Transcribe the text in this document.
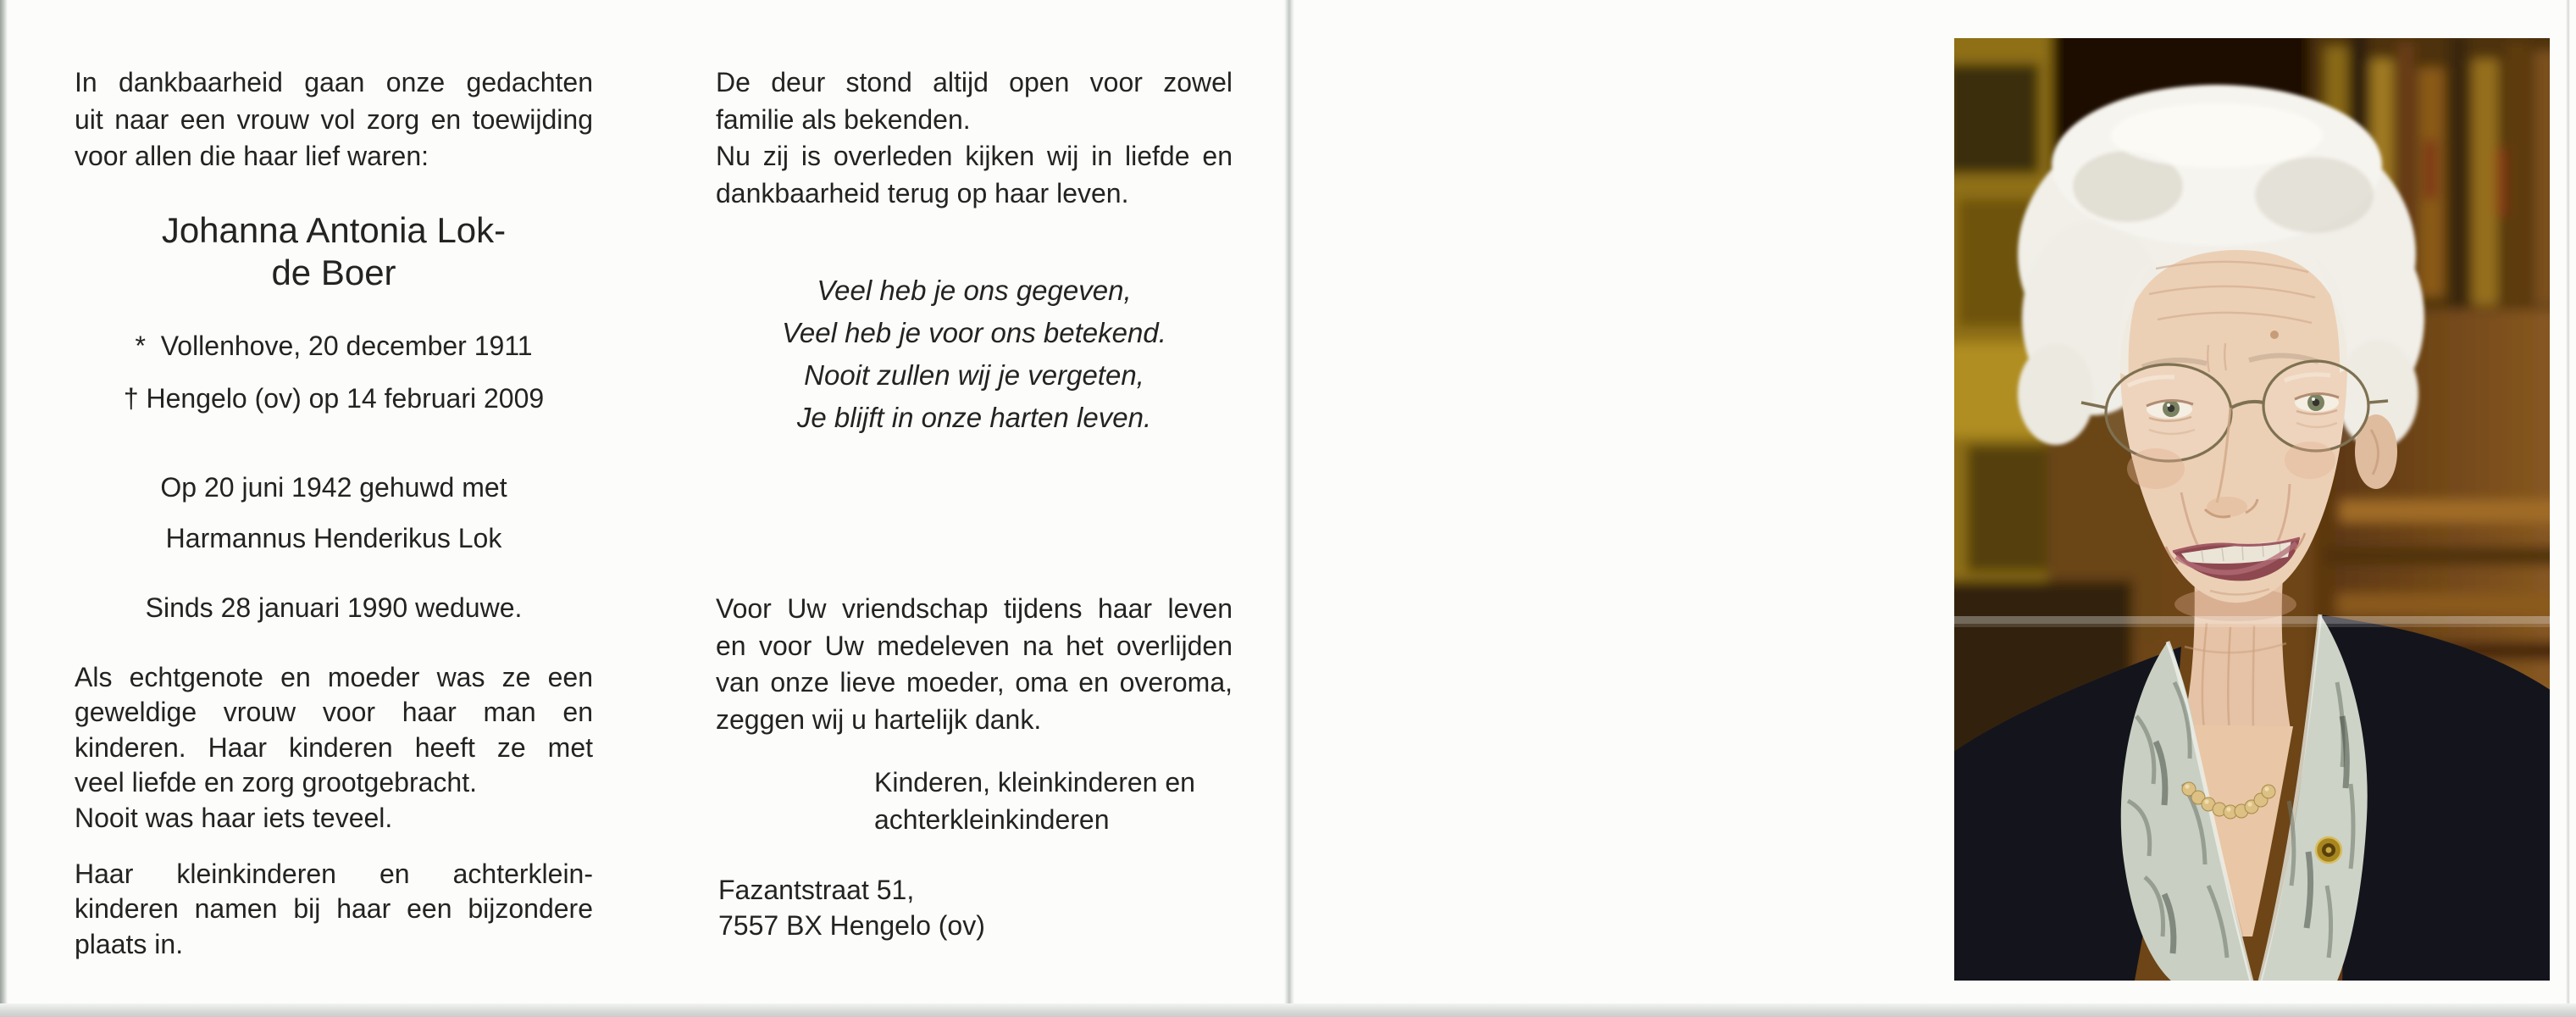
In dankbaarheid gaan onze gedachten
uit naar een vrouw vol zorg en toewijding
voor allen die haar lief waren:
Johanna Antonia Lok-
de Boer
*  Vollenhove, 20 december 1911
† Hengelo (ov) op 14 februari 2009
Op 20 juni 1942 gehuwd met
Harmannus Henderikus Lok
Sinds 28 januari 1990 weduwe.
Als echtgenote en moeder was ze een
geweldige vrouw voor haar man en
kinderen. Haar kinderen heeft ze met
veel liefde en zorg grootgebracht.
Nooit was haar iets teveel.
Haar kleinkinderen en achterklein-
kinderen namen bij haar een bijzondere
plaats in.
De deur stond altijd open voor zowel
familie als bekenden.
Nu zij is overleden kijken wij in liefde en
dankbaarheid terug op haar leven.
Veel heb je ons gegeven,
Veel heb je voor ons betekend.
Nooit zullen wij je vergeten,
Je blijft in onze harten leven.
Voor Uw vriendschap tijdens haar leven
en voor Uw medeleven na het overlijden
van onze lieve moeder, oma en overoma,
zeggen wij u hartelijk dank.
Kinderen, kleinkinderen en
achterkleinkinderen
Fazantstraat 51,
7557 BX Hengelo (ov)
